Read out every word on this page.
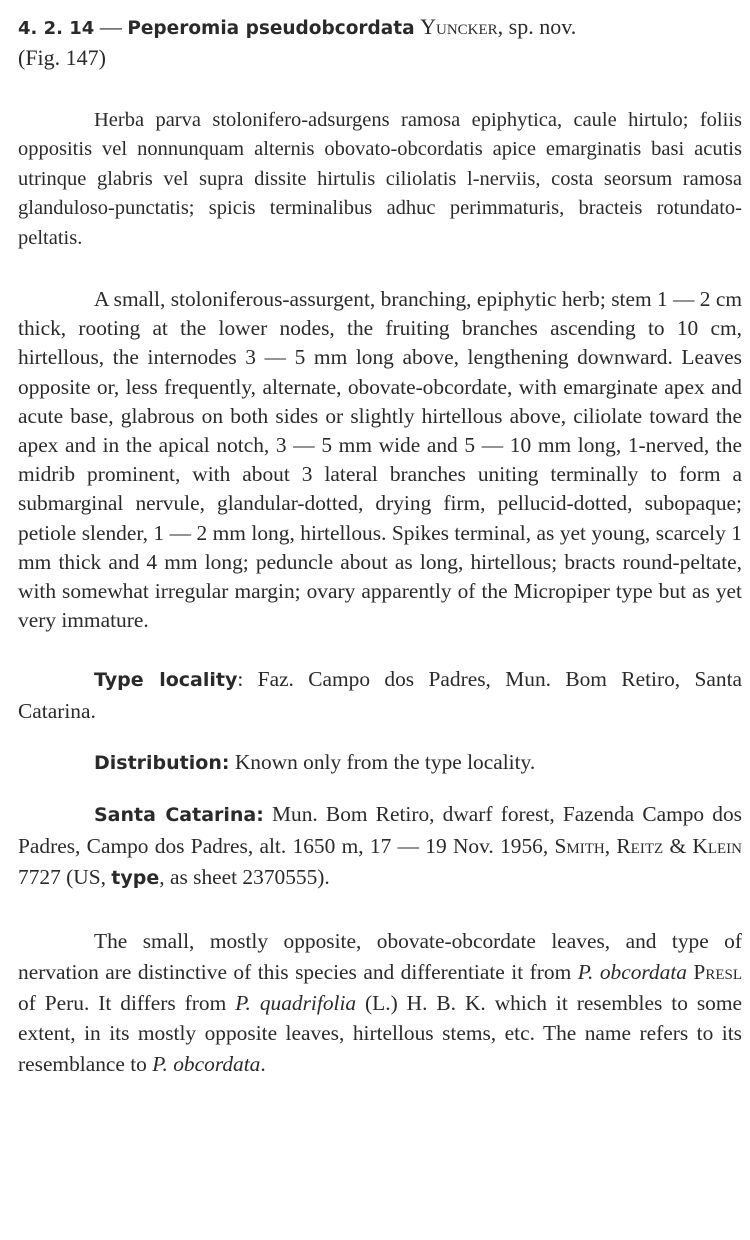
4. 2. 14 — Peperomia pseudobcordata Yuncker, sp. nov.
(Fig. 147)

Herba parva stolonifero-adsurgens ramosa epiphytica, caule hirtulo; foliis oppositis vel nonnunquam alternis obovato-obcordatis apice emarginatis basi acutis utrinque glabris vel supra dissite hirtulis ciliolatis l-nerviis, costa seorsum ramosa glanduloso-punctatis; spicis terminalibus adhuc perimmaturis, bracteis rotundato-peltatis.

A small, stoloniferous-assurgent, branching, epiphytic herb; stem 1 — 2 cm thick, rooting at the lower nodes, the fruiting branches ascending to 10 cm, hirtellous, the internodes 3 — 5 mm long above, lengthening downward. Leaves opposite or, less frequently, alternate, obovate-obcordate, with emarginate apex and acute base, glabrous on both sides or slightly hirtellous above, ciliolate toward the apex and in the apical notch, 3 — 5 mm wide and 5 — 10 mm long, 1-nerved, the midrib prominent, with about 3 lateral branches uniting terminally to form a submarginal nervule, glandular-dotted, drying firm, pellucid-dotted, subopaque; petiole slender, 1 — 2 mm long, hirtellous. Spikes terminal, as yet young, scarcely 1 mm thick and 4 mm long; peduncle about as long, hirtellous; bracts round-peltate, with somewhat irregular margin; ovary apparently of the Micropiper type but as yet very immature.

Type locality: Faz. Campo dos Padres, Mun. Bom Retiro, Santa Catarina.

Distribution: Known only from the type locality.

Santa Catarina: Mun. Bom Retiro, dwarf forest, Fazenda Campo dos Padres, Campo dos Padres, alt. 1650 m, 17 — 19 Nov. 1956, Smith, Reitz & Klein 7727 (US, type, as sheet 2370555).

The small, mostly opposite, obovate-obcordate leaves, and type of nervation are distinctive of this species and differentiate it from P. obcordata Presl of Peru. It differs from P. quadrifolia (L.) H. B. K. which it resembles to some extent, in its mostly opposite leaves, hirtellous stems, etc. The name refers to its resemblance to P. obcordata.
